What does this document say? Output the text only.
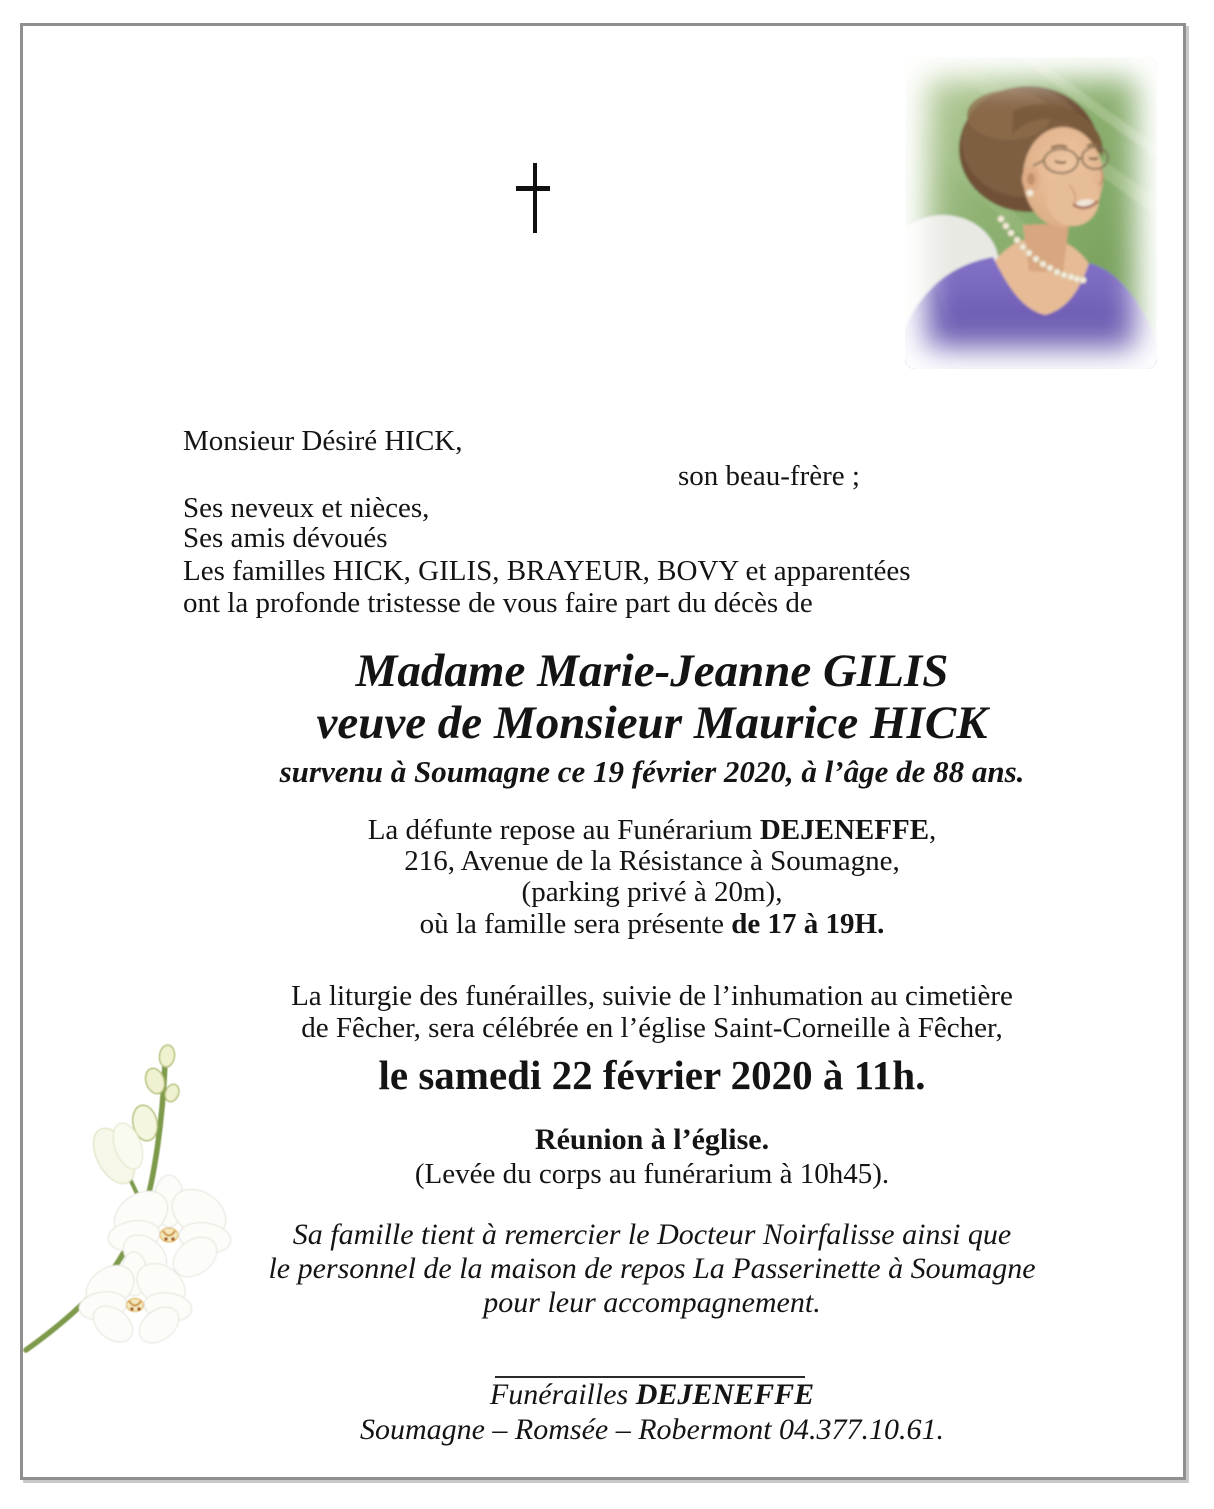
Monsieur Désiré HICK,
son beau-frère ;
Ses neveux et nièces,
Ses amis dévoués
Les familles HICK, GILIS, BRAYEUR, BOVY et apparentées
ont la profonde tristesse de vous faire part du décès de
Madame Marie-Jeanne GILIS
veuve de Monsieur Maurice HICK
survenu à Soumagne ce 19 février 2020, à l’âge de 88 ans.
La défunte repose au Funérarium DEJENEFFE,
216, Avenue de la Résistance à Soumagne,
(parking privé à 20m),
où la famille sera présente de 17 à 19H.
La liturgie des funérailles, suivie de l’inhumation au cimetière
de Fêcher, sera célébrée en l’église Saint-Corneille à Fêcher,
le samedi 22 février 2020 à 11h.
Réunion à l’église.
(Levée du corps au funérarium à 10h45).
Sa famille tient à remercier le Docteur Noirfalisse ainsi que
le personnel de la maison de repos La Passerinette à Soumagne
pour leur accompagnement.
Funérailles DEJENEFFE
Soumagne – Romsée – Robermont 04.377.10.61.
